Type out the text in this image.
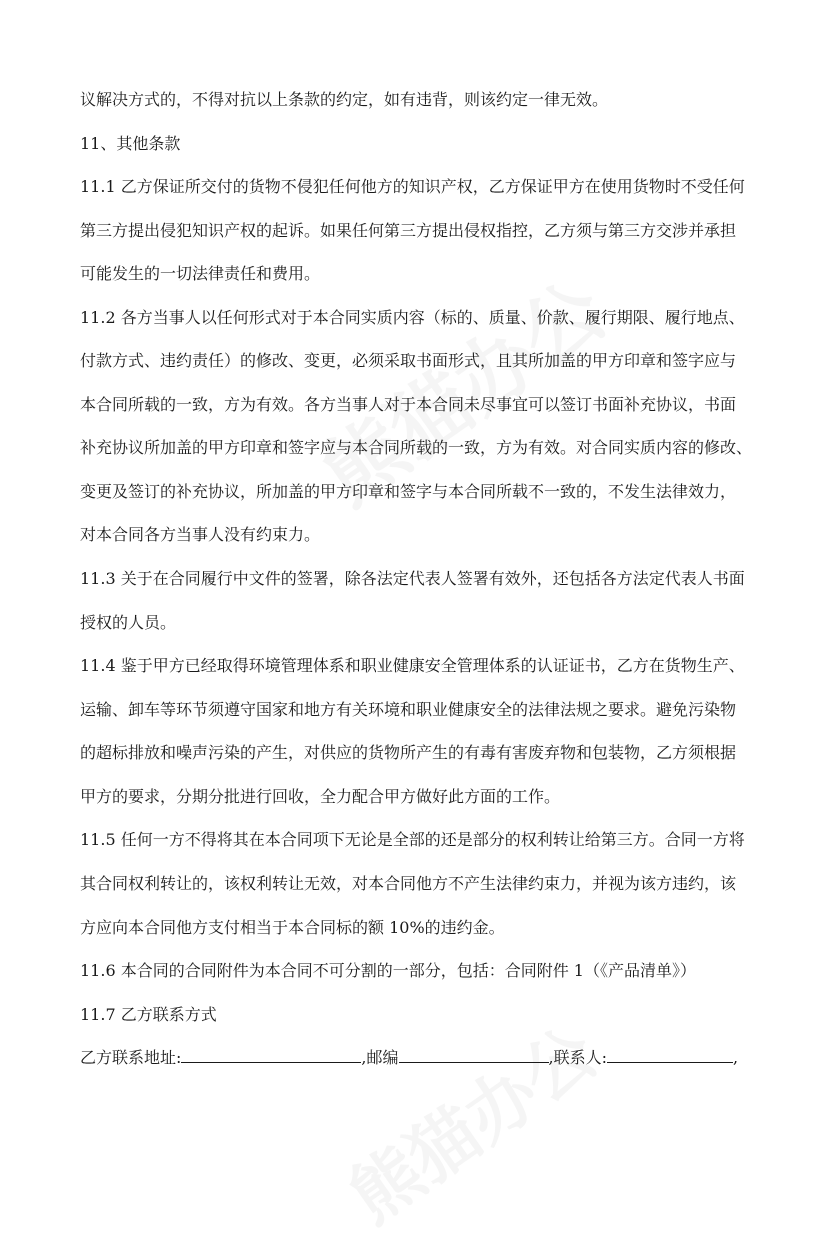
议解决方式的，不得对抗以上条款的约定，如有违背，则该约定一律无效。
11、其他条款
11.1 乙方保证所交付的货物不侵犯任何他方的知识产权，乙方保证甲方在使用货物时不受任何
第三方提出侵犯知识产权的起诉。如果任何第三方提出侵权指控，乙方须与第三方交涉并承担
可能发生的一切法律责任和费用。
11.2 各方当事人以任何形式对于本合同实质内容（标的、质量、价款、履行期限、履行地点、
付款方式、违约责任）的修改、变更，必须采取书面形式，且其所加盖的甲方印章和签字应与
本合同所载的一致，方为有效。各方当事人对于本合同未尽事宜可以签订书面补充协议，书面
补充协议所加盖的甲方印章和签字应与本合同所载的一致，方为有效。对合同实质内容的修改、
变更及签订的补充协议，所加盖的甲方印章和签字与本合同所载不一致的，不发生法律效力，
对本合同各方当事人没有约束力。
11.3 关于在合同履行中文件的签署，除各法定代表人签署有效外，还包括各方法定代表人书面
授权的人员。
11.4 鉴于甲方已经取得环境管理体系和职业健康安全管理体系的认证证书，乙方在货物生产、
运输、卸车等环节须遵守国家和地方有关环境和职业健康安全的法律法规之要求。避免污染物
的超标排放和噪声污染的产生，对供应的货物所产生的有毒有害废弃物和包装物，乙方须根据
甲方的要求，分期分批进行回收，全力配合甲方做好此方面的工作。
11.5 任何一方不得将其在本合同项下无论是全部的还是部分的权利转让给第三方。合同一方将
其合同权利转让的，该权利转让无效，对本合同他方不产生法律约束力，并视为该方违约，该
方应向本合同他方支付相当于本合同标的额 10%的违约金。
11.6 本合同的合同附件为本合同不可分割的一部分，包括：合同附件 1（《产品清单》）
11.7 乙方联系方式
乙方联系地址:	,邮编	,联系人:	,
